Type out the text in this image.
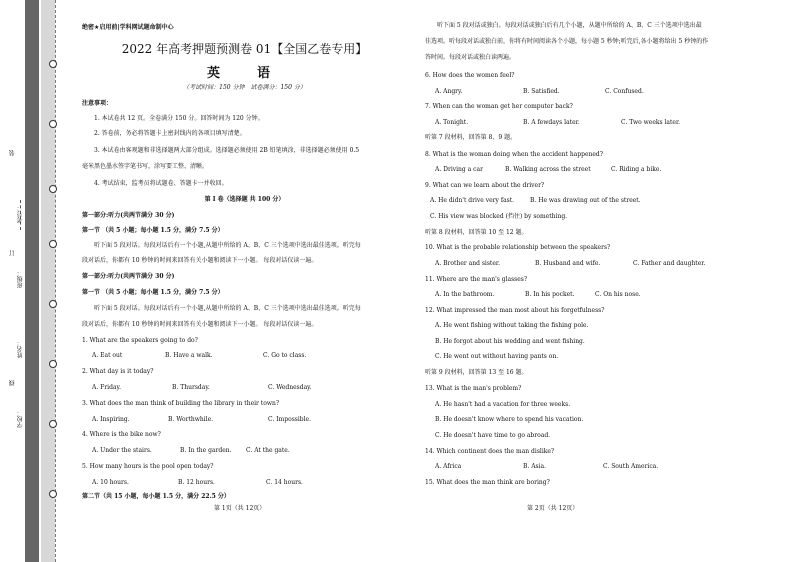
考号：
班级：
姓名：
学校：
装
订
线
绝密★启用前|学科网试题命制中心
2022 年高考押题预测卷 01【全国乙卷专用】
英　语
（考试时间：150 分钟　试卷满分：150 分）
注意事项：
1. 本试卷共 12 页。全卷满分 150 分。回答时间为 120 分钟。
2. 答卷前，务必将答题卡上密封线内的各项目填写清楚。
3. 本试卷由客观题和非选择题两大部分组成。选择题必须使用 2B 铅笔填涂，非选择题必须使用 0.5
毫米黑色墨水签字笔书写，涂写要工整、清晰。
4. 考试结束，监考员将试题卷、答题卡一并收回。
第 I 卷（选择题 共 100 分）
第一部分:听力(共两节满分 30 分)
第一节 （共 5 小题；每小题 1.5 分，满分 7.5 分）
听下面 5 段对话。每段对话后有一个小题,从题中所给的 A、B、C 三个选项中选出最佳选项。听完每
段对话后，你都有 10 秒钟的时间来回答有关小题和阅读下一小题。 每段对话仅读一遍。
第一部分:听力(共两节满分 30 分)
第一节 （共 5 小题；每小题 1.5 分，满分 7.5 分）
听下面 5 段对话。每段对话后有一个小题,从题中所给的 A、B、C 三个选项中选出最佳选项。听完每
段对话后，你都有 10 秒钟的时间来回答有关小题和阅读下一小题。 每段对话仅读一遍。
1. What are the speakers going to do?
A. Eat out	B. Have a walk.	C. Go to class.
2. What day is it today?
A. Friday.	B. Thursday.	C. Wednesday.
3. What does the man think of building the library in their town?
A. Inspiring.	B. Worthwhile.	C. Impossible.
4. Where is the bike now?
A. Under the stairs.	B. In the garden. C. At the gate.
5. How many hours is the pool open today?
A. 10 hours.	B. 12 hours.	C. 14 hours.
第二节（共 15 小题，每小题 1.5 分，满分 22.5 分）
第 1页（共 12页）
听下面 5 段对话或独白。每段对话或独白后有几个小题，从题中所给的 A、B、C 三个选项中选出最
佳选项。听每段对话或独白前，你将有时间阅读各个小题，每小题 5 秒钟;听完后,各小题将给出 5 秒钟的作
答时间。每段对话或独白读两遍。
6. How does the women feel?
A. Angry.	B. Satisfied.	C. Confused.
7. When can the woman get her computer back?
A. Tonight.	B. A fewdays later.	C. Two weeks later.
听第 7 段材料，回答第 8、9 题。
8. What is the woman doing when the accident happened?
A. Driving a car	B. Walking across the street	C. Riding a bike.
9. What can we learn about the driver?
A. He didn't drive very fast.	B. He was drawing out of the street.
C. His view was blocked (挡住) by something.
听第 8 段材料，回答第 10 至 12 题。
10. What is the probable relationship between the speakers?
A. Brother and sister.	B. Husband and wife.	C. Father and daughter.
11. Where are the man's glasses?
A. In the bathroom.	B. In his pocket.	C. On his nose.
12. What impressed the man most about his forgetfulness?
A. He went fishing without taking the fishing pole.
B. He forgot about his wedding and went fishing.
C. He went out without having pants on.
听第 9 段材料，回答第 13 至 16 题。
13. What is the man's problem?
A. He hasn't had a vacation for three weeks.
B. He doesn't know where to spend his vacation.
C. He doesn't have time to go abroad.
14. Which continent does the man dislike?
A. Africa	B. Asia.	C. South America.
15. What does the man think are boring?
第 2页（共 12页）
